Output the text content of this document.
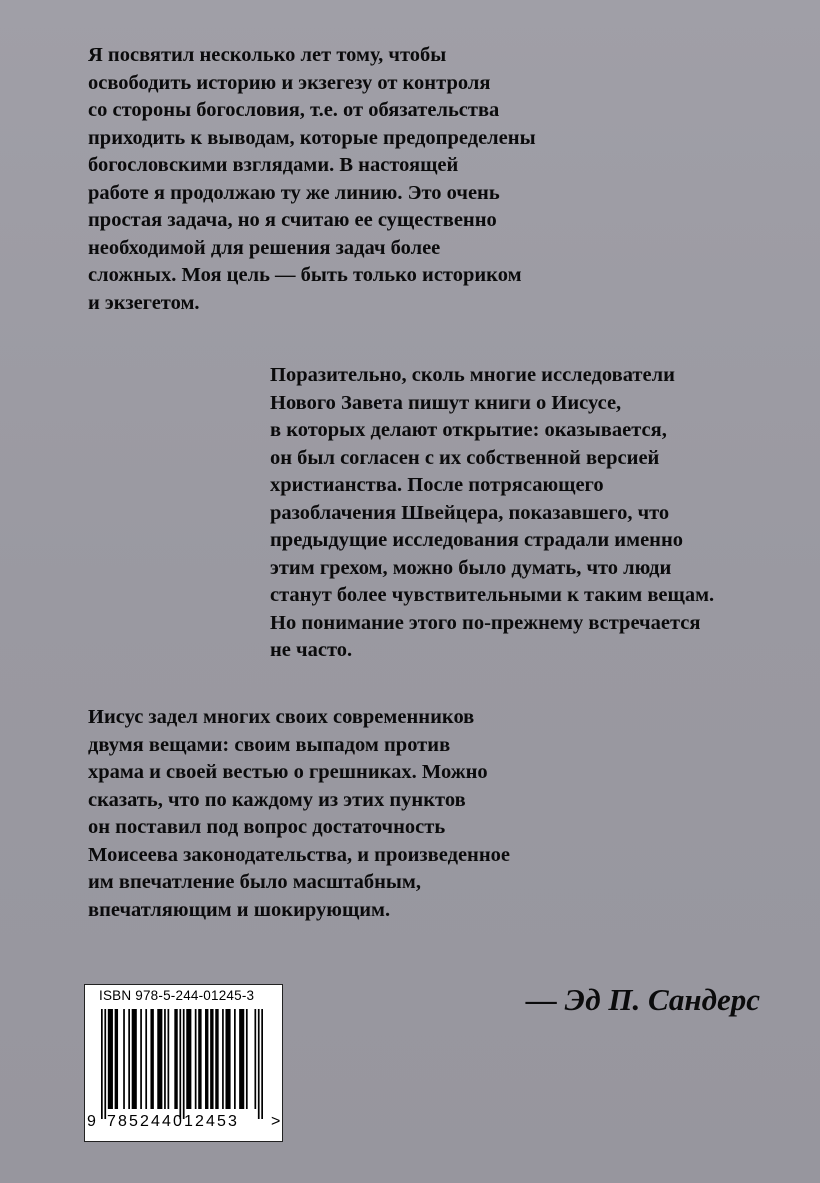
Я посвятил несколько лет тому, чтобы
освободить историю и экзегезу от контроля
со стороны богословия, т.е. от обязательства
приходить к выводам, которые предопределены
богословскими взглядами. В настоящей
работе я продолжаю ту же линию. Это очень
простая задача, но я считаю ее существенно
необходимой для решения задач более
сложных. Моя цель — быть только историком
и экзегетом.

Поразительно, сколь многие исследователи
Нового Завета пишут книги о Иисусе,
в которых делают открытие: оказывается,
он был согласен с их собственной версией
христианства. После потрясающего
разоблачения Швейцера, показавшего, что
предыдущие исследования страдали именно
этим грехом, можно было думать, что люди
станут более чувствительными к таким вещам.
Но понимание этого по-прежнему встречается
не часто.

Иисус задел многих своих современников
двумя вещами: своим выпадом против
храма и своей вестью о грешниках. Можно
сказать, что по каждому из этих пунктов
он поставил под вопрос достаточность
Моисеева законодательства, и произведенное
им впечатление было масштабным,
впечатляющим и шокирующим.

ISBN 978-5-244-01245-3
9 785244012453	>
— Эд П. Сандерс
